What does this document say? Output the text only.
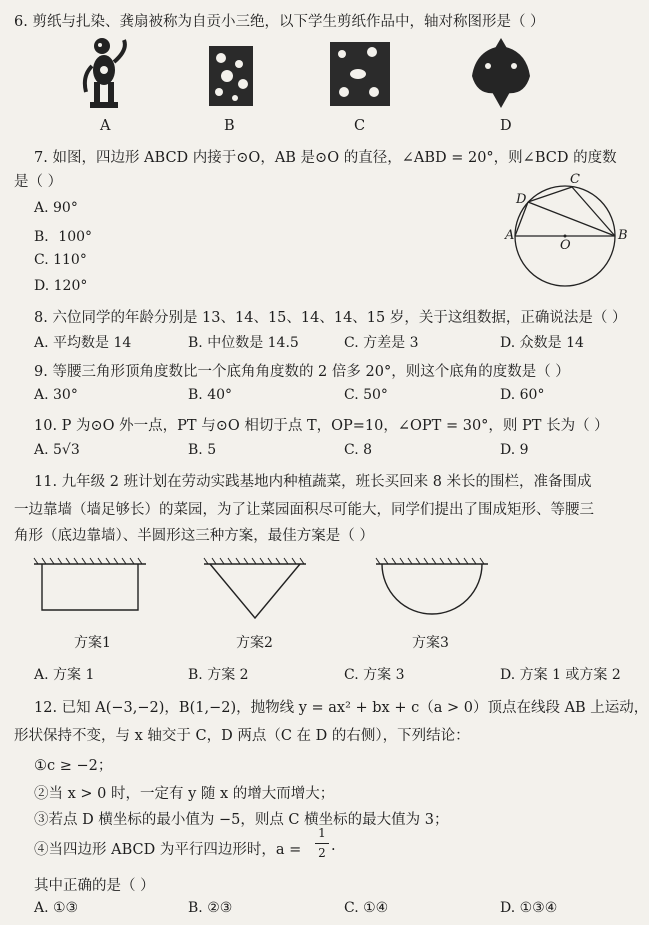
6. 剪纸与扎染、龚扇被称为自贡小三绝，以下学生剪纸作品中，轴对称图形是（ ）
A	B	C	D
7. 如图，四边形 ABCD 内接于⊙O，AB 是⊙O 的直径，∠ABD = 20°，则∠BCD 的度数
是（ ）
A. 90°
B．100°
C. 110°
D. 120°
A	B
C
D
O
8. 六位同学的年龄分别是 13、14、15、14、14、15 岁，关于这组数据，正确说法是（ ）
A. 平均数是 14	B. 中位数是 14.5	C. 方差是 3	D. 众数是 14
9. 等腰三角形顶角度数比一个底角角度数的 2 倍多 20°，则这个底角的度数是（ ）
A. 30°	B. 40°	C. 50°	D. 60°
10. P 为⊙O 外一点，PT 与⊙O 相切于点 T，OP=10，∠OPT = 30°，则 PT 长为（ ）
A. 5√3	B. 5	C. 8	D. 9
11. 九年级 2 班计划在劳动实践基地内种植蔬菜，班长买回来 8 米长的围栏，准备围成
一边靠墙（墙足够长）的菜园，为了让菜园面积尽可能大，同学们提出了围成矩形、等腰三
角形（底边靠墙）、半圆形这三种方案，最佳方案是（ ）
方案1	方案2	方案3
A. 方案 1	B. 方案 2	C. 方案 3	D. 方案 1 或方案 2
12. 已知 A(−3,−2)，B(1,−2)，抛物线 y = ax² + bx + c（a > 0）顶点在线段 AB 上运动，
形状保持不变，与 x 轴交于 C，D 两点（C 在 D 的右侧），下列结论：
①c ≥ −2；
②当 x > 0 时，一定有 y 随 x 的增大而增大；
③若点 D 横坐标的最小值为 −5，则点 C 横坐标的最大值为 3；
④当四边形 ABCD 为平行四边形时，a =
1
2 .
其中正确的是（ ）
A. ①③	B. ②③	C. ①④	D. ①③④
